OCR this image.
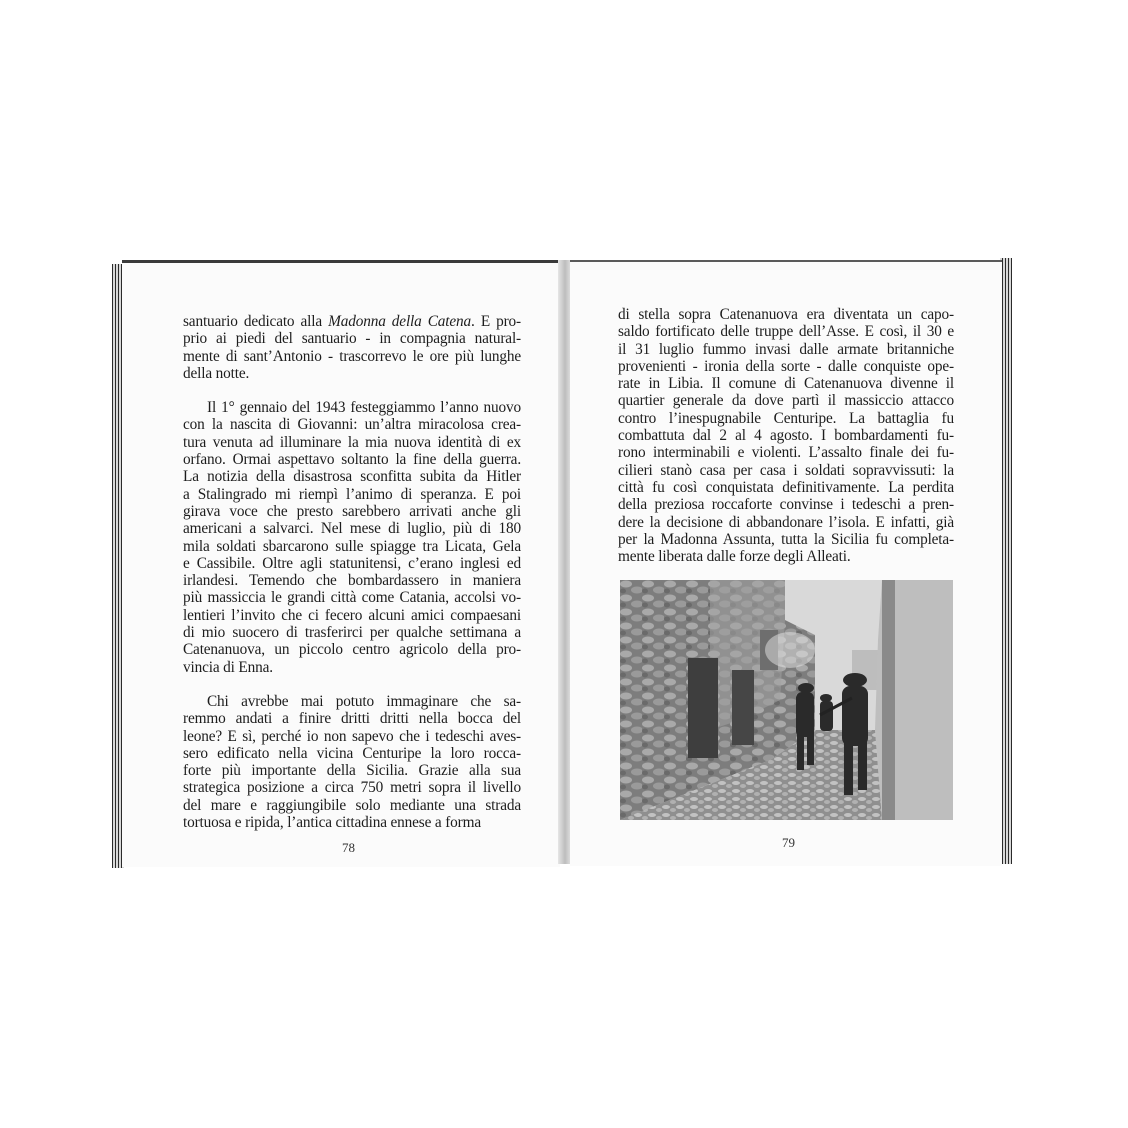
santuario dedicato alla Madonna della Catena. E pro-
prio ai piedi del santuario - in compagnia natural-
mente di sant’Antonio - trascorrevo le ore più lunghe
della notte.
Il 1° gennaio del 1943 festeggiammo l’anno nuovo
con la nascita di Giovanni: un’altra miracolosa crea-
tura venuta ad illuminare la mia nuova identità di ex
orfano. Ormai aspettavo soltanto la fine della guerra.
La notizia della disastrosa sconfitta subita da Hitler
a Stalingrado mi riempì l’animo di speranza. E poi
girava voce che presto sarebbero arrivati anche gli
americani a salvarci. Nel mese di luglio, più di 180
mila soldati sbarcarono sulle spiagge tra Licata, Gela
e Cassibile. Oltre agli statunitensi, c’erano inglesi ed
irlandesi. Temendo che bombardassero in maniera
più massiccia le grandi città come Catania, accolsi vo-
lentieri l’invito che ci fecero alcuni amici compaesani
di mio suocero di trasferirci per qualche settimana a
Catenanuova, un piccolo centro agricolo della pro-
vincia di Enna.
Chi avrebbe mai potuto immaginare che sa-
remmo andati a finire dritti dritti nella bocca del
leone? E sì, perché io non sapevo che i tedeschi aves-
sero edificato nella vicina Centuripe la loro rocca-
forte più importante della Sicilia. Grazie alla sua
strategica posizione a circa 750 metri sopra il livello
del mare e raggiungibile solo mediante una strada
tortuosa e ripida, l’antica cittadina ennese a forma
78
di stella sopra Catenanuova era diventata un capo-
saldo fortificato delle truppe dell’Asse. E così, il 30 e
il 31 luglio fummo invasi dalle armate britanniche
provenienti - ironia della sorte - dalle conquiste ope-
rate in Libia. Il comune di Catenanuova divenne il
quartier generale da dove partì il massiccio attacco
contro l’inespugnabile Centuripe. La battaglia fu
combattuta dal 2 al 4 agosto. I bombardamenti fu-
rono interminabili e violenti. L’assalto finale dei fu-
cilieri stanò casa per casa i soldati sopravvissuti: la
città fu così conquistata definitivamente. La perdita
della preziosa roccaforte convinse i tedeschi a pren-
dere la decisione di abbandonare l’isola. E infatti, già
per la Madonna Assunta, tutta la Sicilia fu completa-
mente liberata dalle forze degli Alleati.
79
